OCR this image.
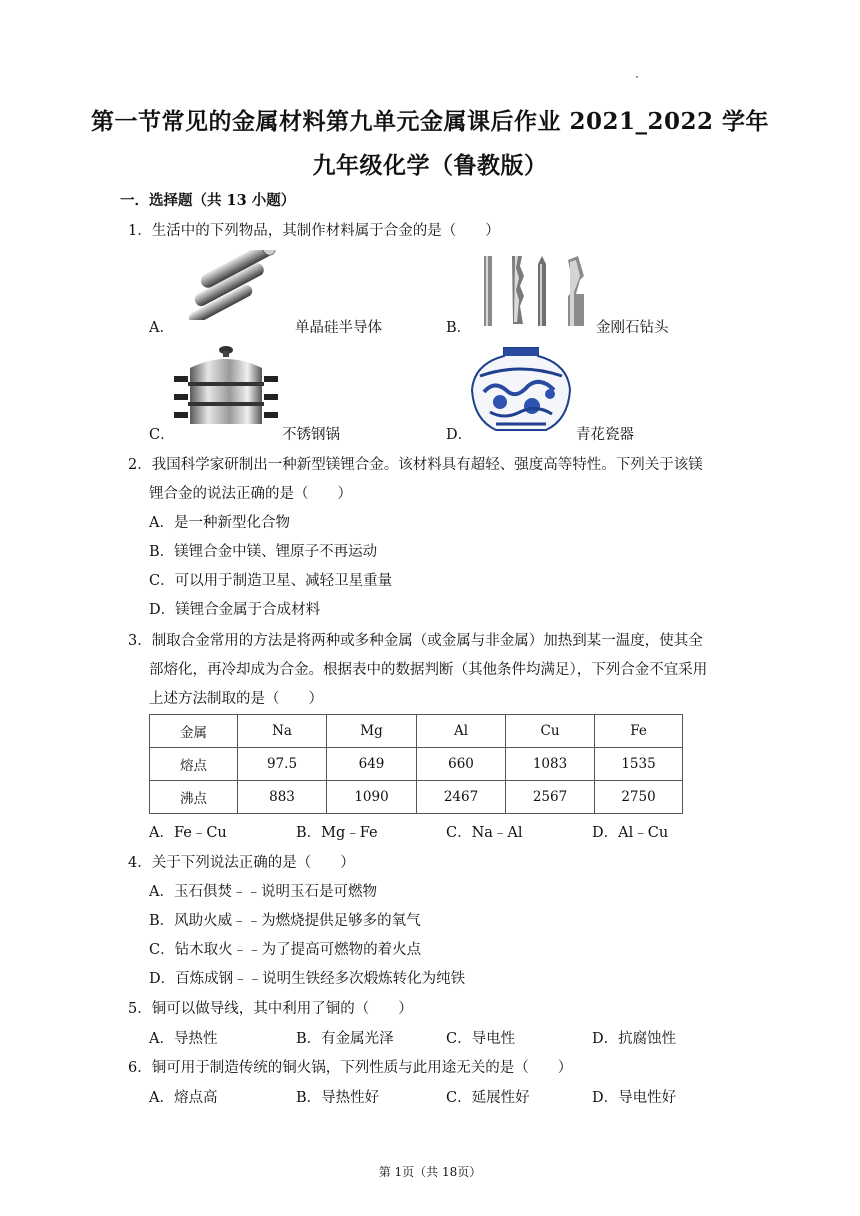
第一节常见的金属材料第九单元金属课后作业 2021_2022 学年
九年级化学（鲁教版）
一．选择题（共 13 小题）
1．生活中的下列物品，其制作材料属于合金的是（　　）
A．	单晶硅半导体	B．	金刚石钻头
C．	不锈钢锅	D．	青花瓷器
2．我国科学家研制出一种新型镁锂合金。该材料具有超轻、强度高等特性。下列关于该镁
锂合金的说法正确的是（　　）
A．是一种新型化合物
B．镁锂合金中镁、锂原子不再运动
C．可以用于制造卫星、减轻卫星重量
D．镁锂合金属于合成材料
3．制取合金常用的方法是将两种或多种金属（或金属与非金属）加热到某一温度，使其全
部熔化，再冷却成为合金。根据表中的数据判断（其他条件均满足），下列合金不宜采用
上述方法制取的是（　　）
金属	Na	Mg	Al	Cu	Fe
熔点	97.5	649	660	1083	1535
沸点	883	1090	2467	2567	2750
A．Fe﹣Cu	B．Mg﹣Fe	C．Na﹣Al	D．Al﹣Cu
4．关于下列说法正确的是（　　）
A．玉石俱焚﹣﹣说明玉石是可燃物
B．风助火威﹣﹣为燃烧提供足够多的氧气
C．钻木取火﹣﹣为了提高可燃物的着火点
D．百炼成钢﹣﹣说明生铁经多次煅炼转化为纯铁
5．铜可以做导线，其中利用了铜的（　　）
A．导热性	B．有金属光泽	C．导电性	D．抗腐蚀性
6．铜可用于制造传统的铜火锅，下列性质与此用途无关的是（　　）
A．熔点高	B．导热性好	C．延展性好	D．导电性好
第 1页（共 18页）
